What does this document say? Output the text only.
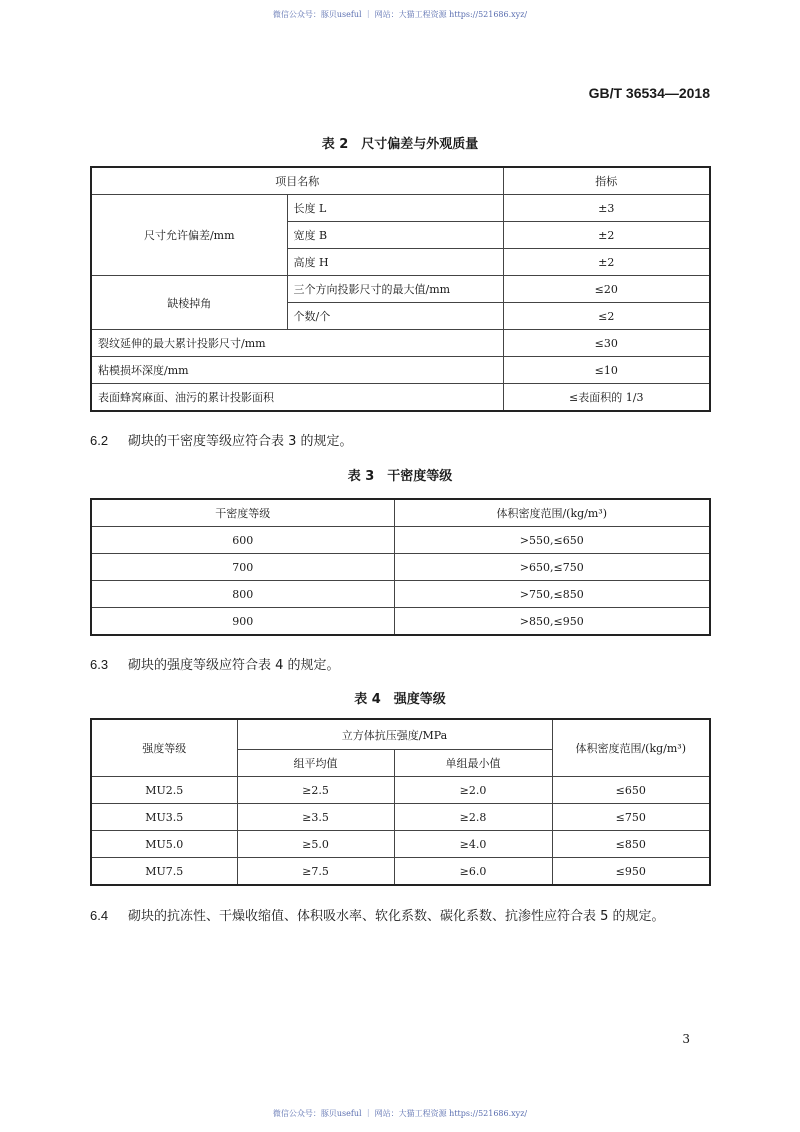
微信公众号：豚贝useful ｜ 网站：大猫工程资源 https://521686.xyz/
GB/T 36534—2018
表 2　尺寸偏差与外观质量
项目名称		指标
尺寸允许偏差/mm	长度 L	±3
	宽度 B	±2
	高度 H	±2
缺棱掉角	三个方向投影尺寸的最大值/mm	≤20
	个数/个	≤2
裂纹延伸的最大累计投影尺寸/mm		≤30
粘模损坏深度/mm		≤10
表面蜂窝麻面、油污的累计投影面积		≤表面积的 1/3
6.2 砌块的干密度等级应符合表 3 的规定。
表 3　干密度等级
干密度等级	体积密度范围/(kg/m³)
600	>550,≤650
700	>650,≤750
800	>750,≤850
900	>850,≤950
6.3 砌块的强度等级应符合表 4 的规定。
表 4　强度等级
强度等级	立方体抗压强度/MPa		体积密度范围/(kg/m³)
	组平均值	单组最小值	
MU2.5	≥2.5	≥2.0	≤650
MU3.5	≥3.5	≥2.8	≤750
MU5.0	≥5.0	≥4.0	≤850
MU7.5	≥7.5	≥6.0	≤950
6.4 砌块的抗冻性、干燥收缩值、体积吸水率、软化系数、碳化系数、抗渗性应符合表 5 的规定。
3
微信公众号：豚贝useful ｜ 网站：大猫工程资源 https://521686.xyz/
